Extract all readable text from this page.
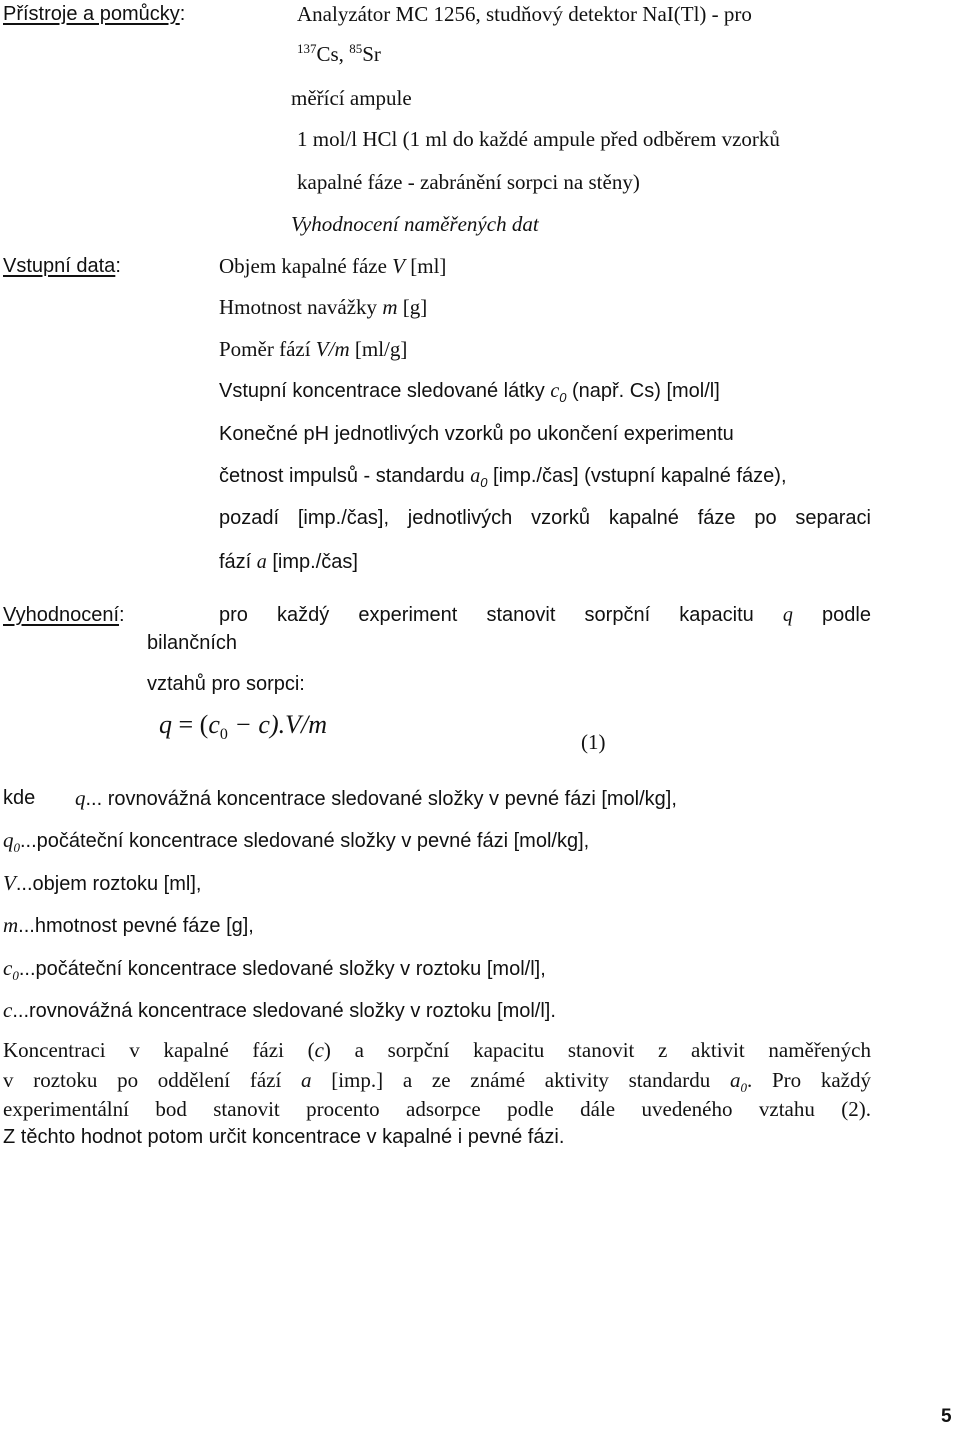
Přístroje a pomůcky:	Analyzátor MC 1256, studňový detektor NaI(Tl) - pro
$^{137}$Cs, $^{85}$Sr
měřící ampule
1 mol/l HCl (1 ml do každé ampule před odběrem vzorků
kapalné fáze - zabránění sorpci na stěny)
Vyhodnocení naměřených dat
Vstupní data:	Objem kapalné fáze V [ml]
Hmotnost navážky m [g]
Poměr fází V/m [ml/g]
Vstupní koncentrace sledované látky $c_0$ (např. Cs) [mol/l]
Konečné pH jednotlivých vzorků po ukončení experimentu
četnost impulsů - standardu $a_0$ [imp./čas] (vstupní kapalné fáze),
pozadí [imp./čas], jednotlivých vzorků kapalné fáze po separaci
fází a [imp./čas]
Vyhodnocení:	pro každý experiment stanovit sorpční kapacitu q podle
bilančních
vztahů pro sorpci:
$q = (c_0 - c).V/m$
(1)
kde q... rovnovážná koncentrace sledované složky v pevné fázi [mol/kg],
$q_0...počáteční$ koncentrace sledované složky v pevné fázi [mol/kg],
V...objem roztoku [ml],
m...hmotnost pevné fáze [g],
$c_0...počáteční$ koncentrace sledované složky v roztoku [mol/l],
c...rovnovážná koncentrace sledované složky v roztoku [mol/l].
Koncentraci v kapalné fázi (c) a sorpční kapacitu stanovit z aktivit naměřených
v roztoku po oddělení fází a [imp.] a ze známé aktivity standardu $a_0$. Pro každý
experimentální bod stanovit procento adsorpce podle dále uvedeného vztahu (2).
Z těchto hodnot potom určit koncentrace v kapalné i pevné fázi.
5
